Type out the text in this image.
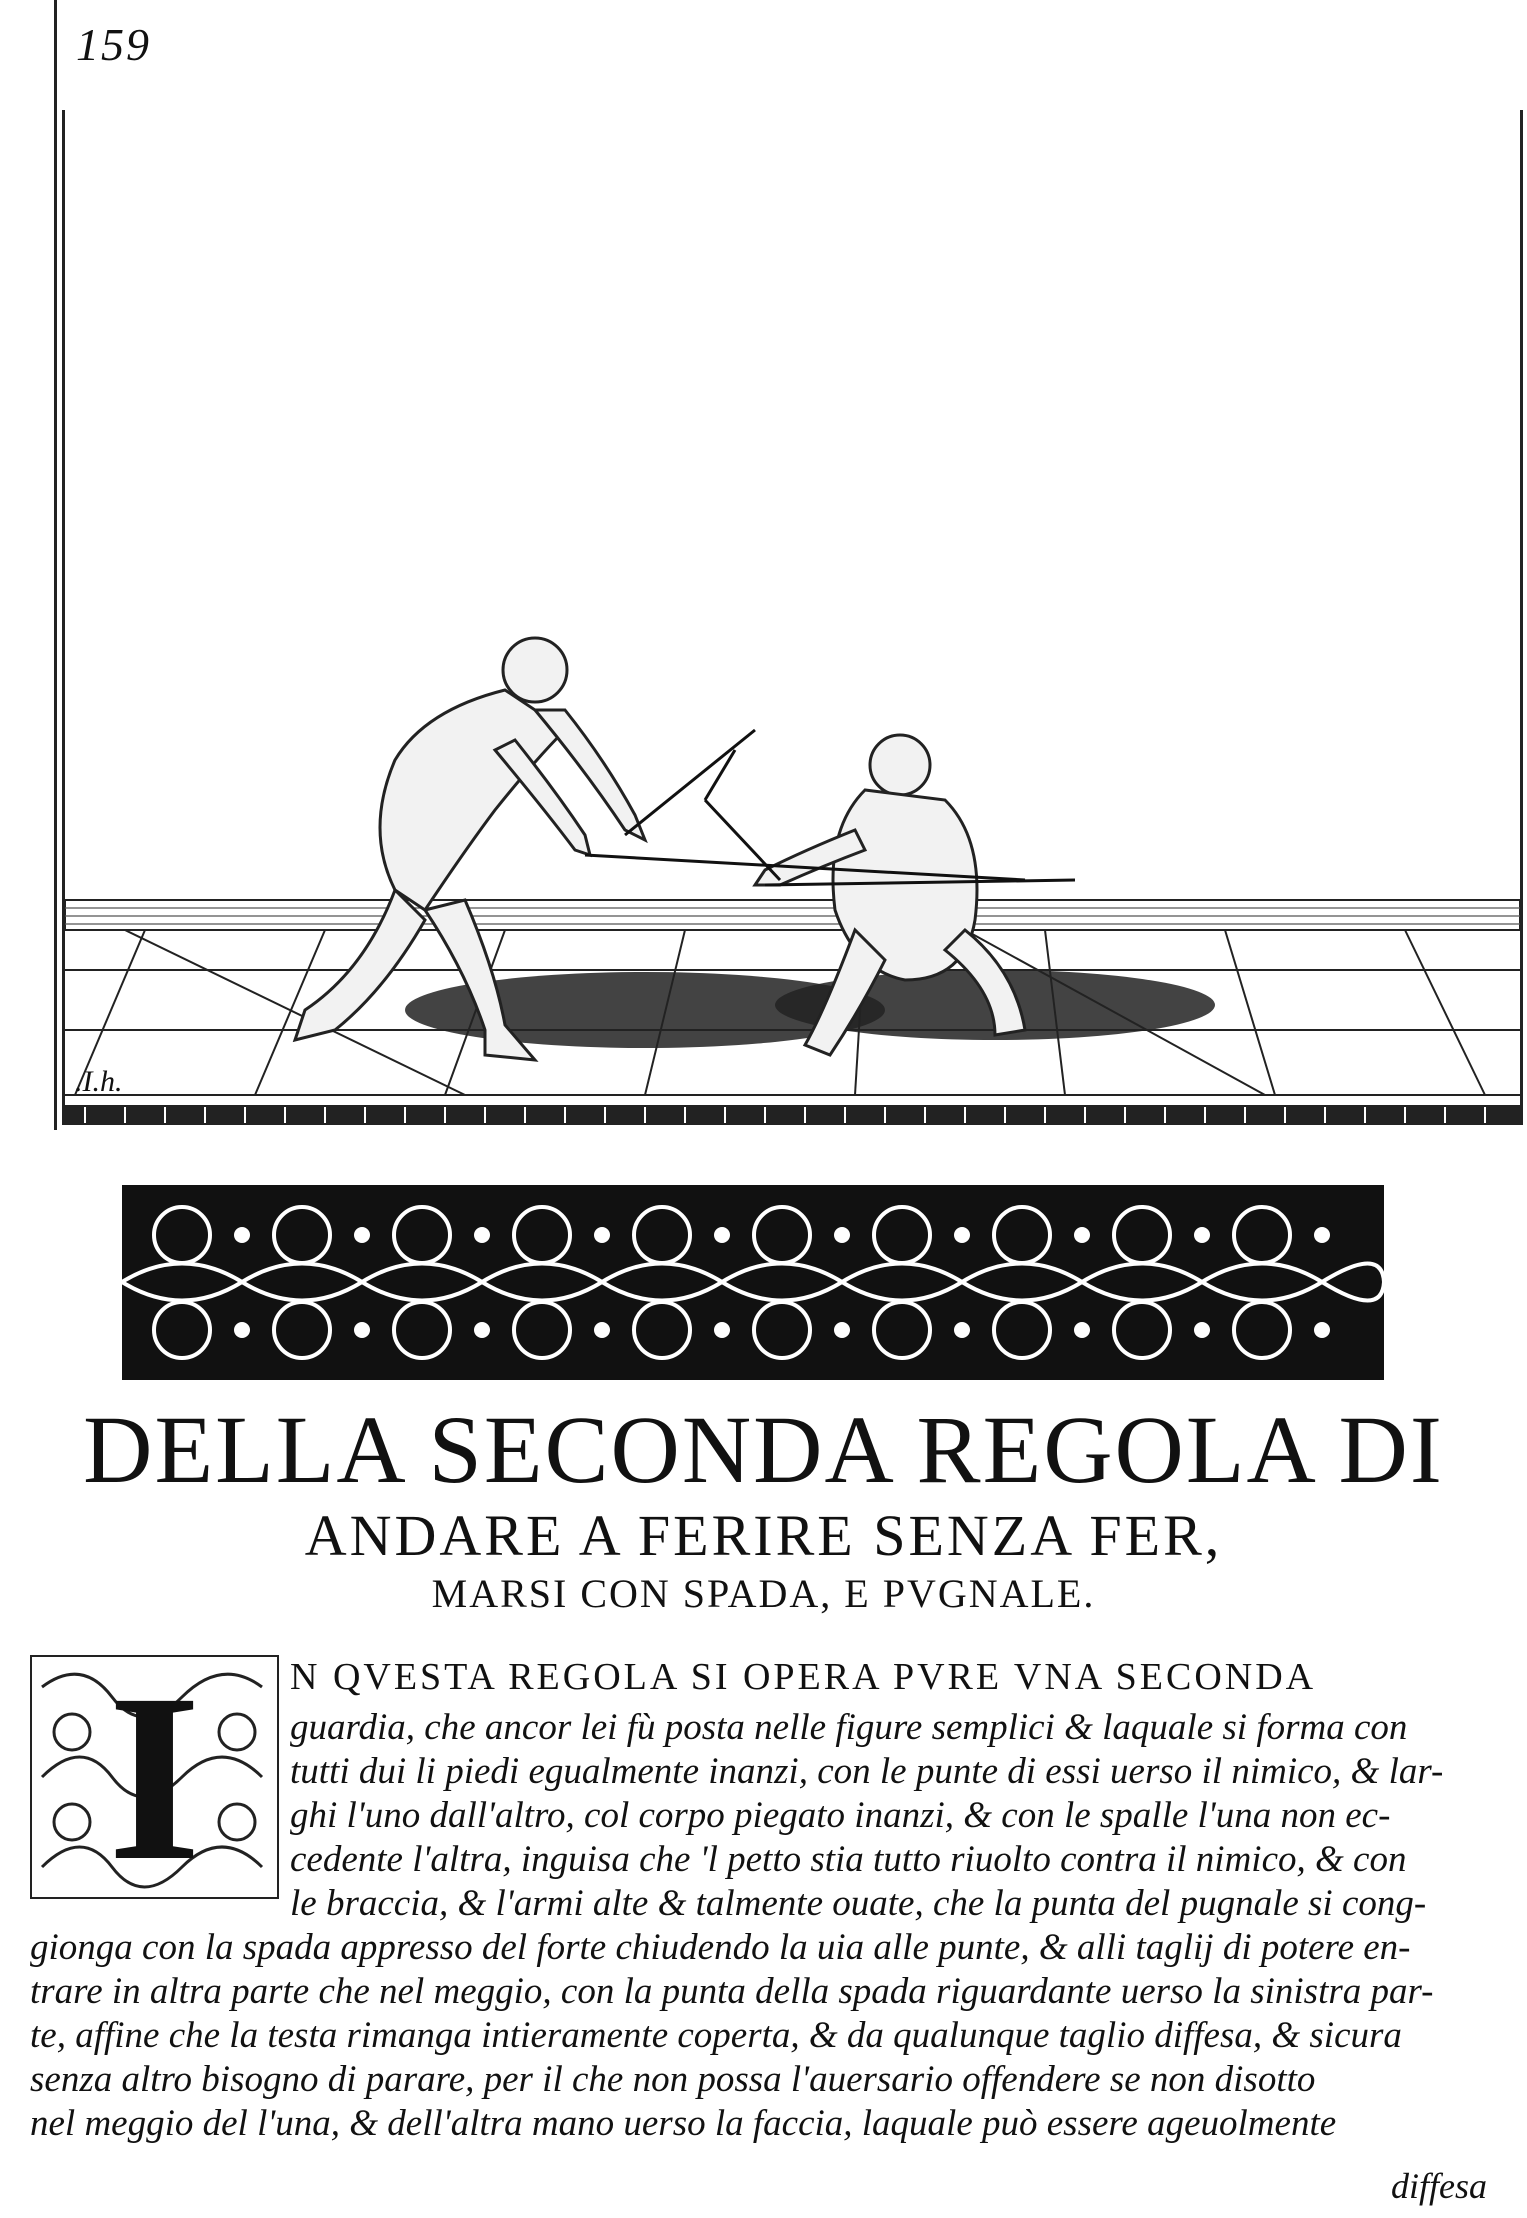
159
.I.h.
DELLA SECONDA REGOLA DI
ANDARE A FERIRE SENZA FER,
MARSI CON SPADA, E PVGNALE.
I	N QVESTA REGOLA SI OPERA PVRE VNA SECONDA
guardia, che ancor lei fù posta nelle figure semplici & laquale si forma con
tutti dui li piedi egualmente inanzi, con le punte di essi uerso il nimico, & lar-
ghi l'uno dall'altro, col corpo piegato inanzi, & con le spalle l'una non ec-
cedente l'altra, inguisa che 'l petto stia tutto riuolto contra il nimico, & con
le braccia, & l'armi alte & talmente ouate, che la punta del pugnale si cong-
gionga con la spada appresso del forte chiudendo la uia alle punte, & alli taglij di potere en-
trare in altra parte che nel meggio, con la punta della spada riguardante uerso la sinistra par-
te, affine che la testa rimanga intieramente coperta, & da qualunque taglio diffesa, & sicura
senza altro bisogno di parare, per il che non possa l'auersario offendere se non disotto
nel meggio del l'una, & dell'altra mano uerso la faccia, laquale può essere ageuolmente
diffesa
